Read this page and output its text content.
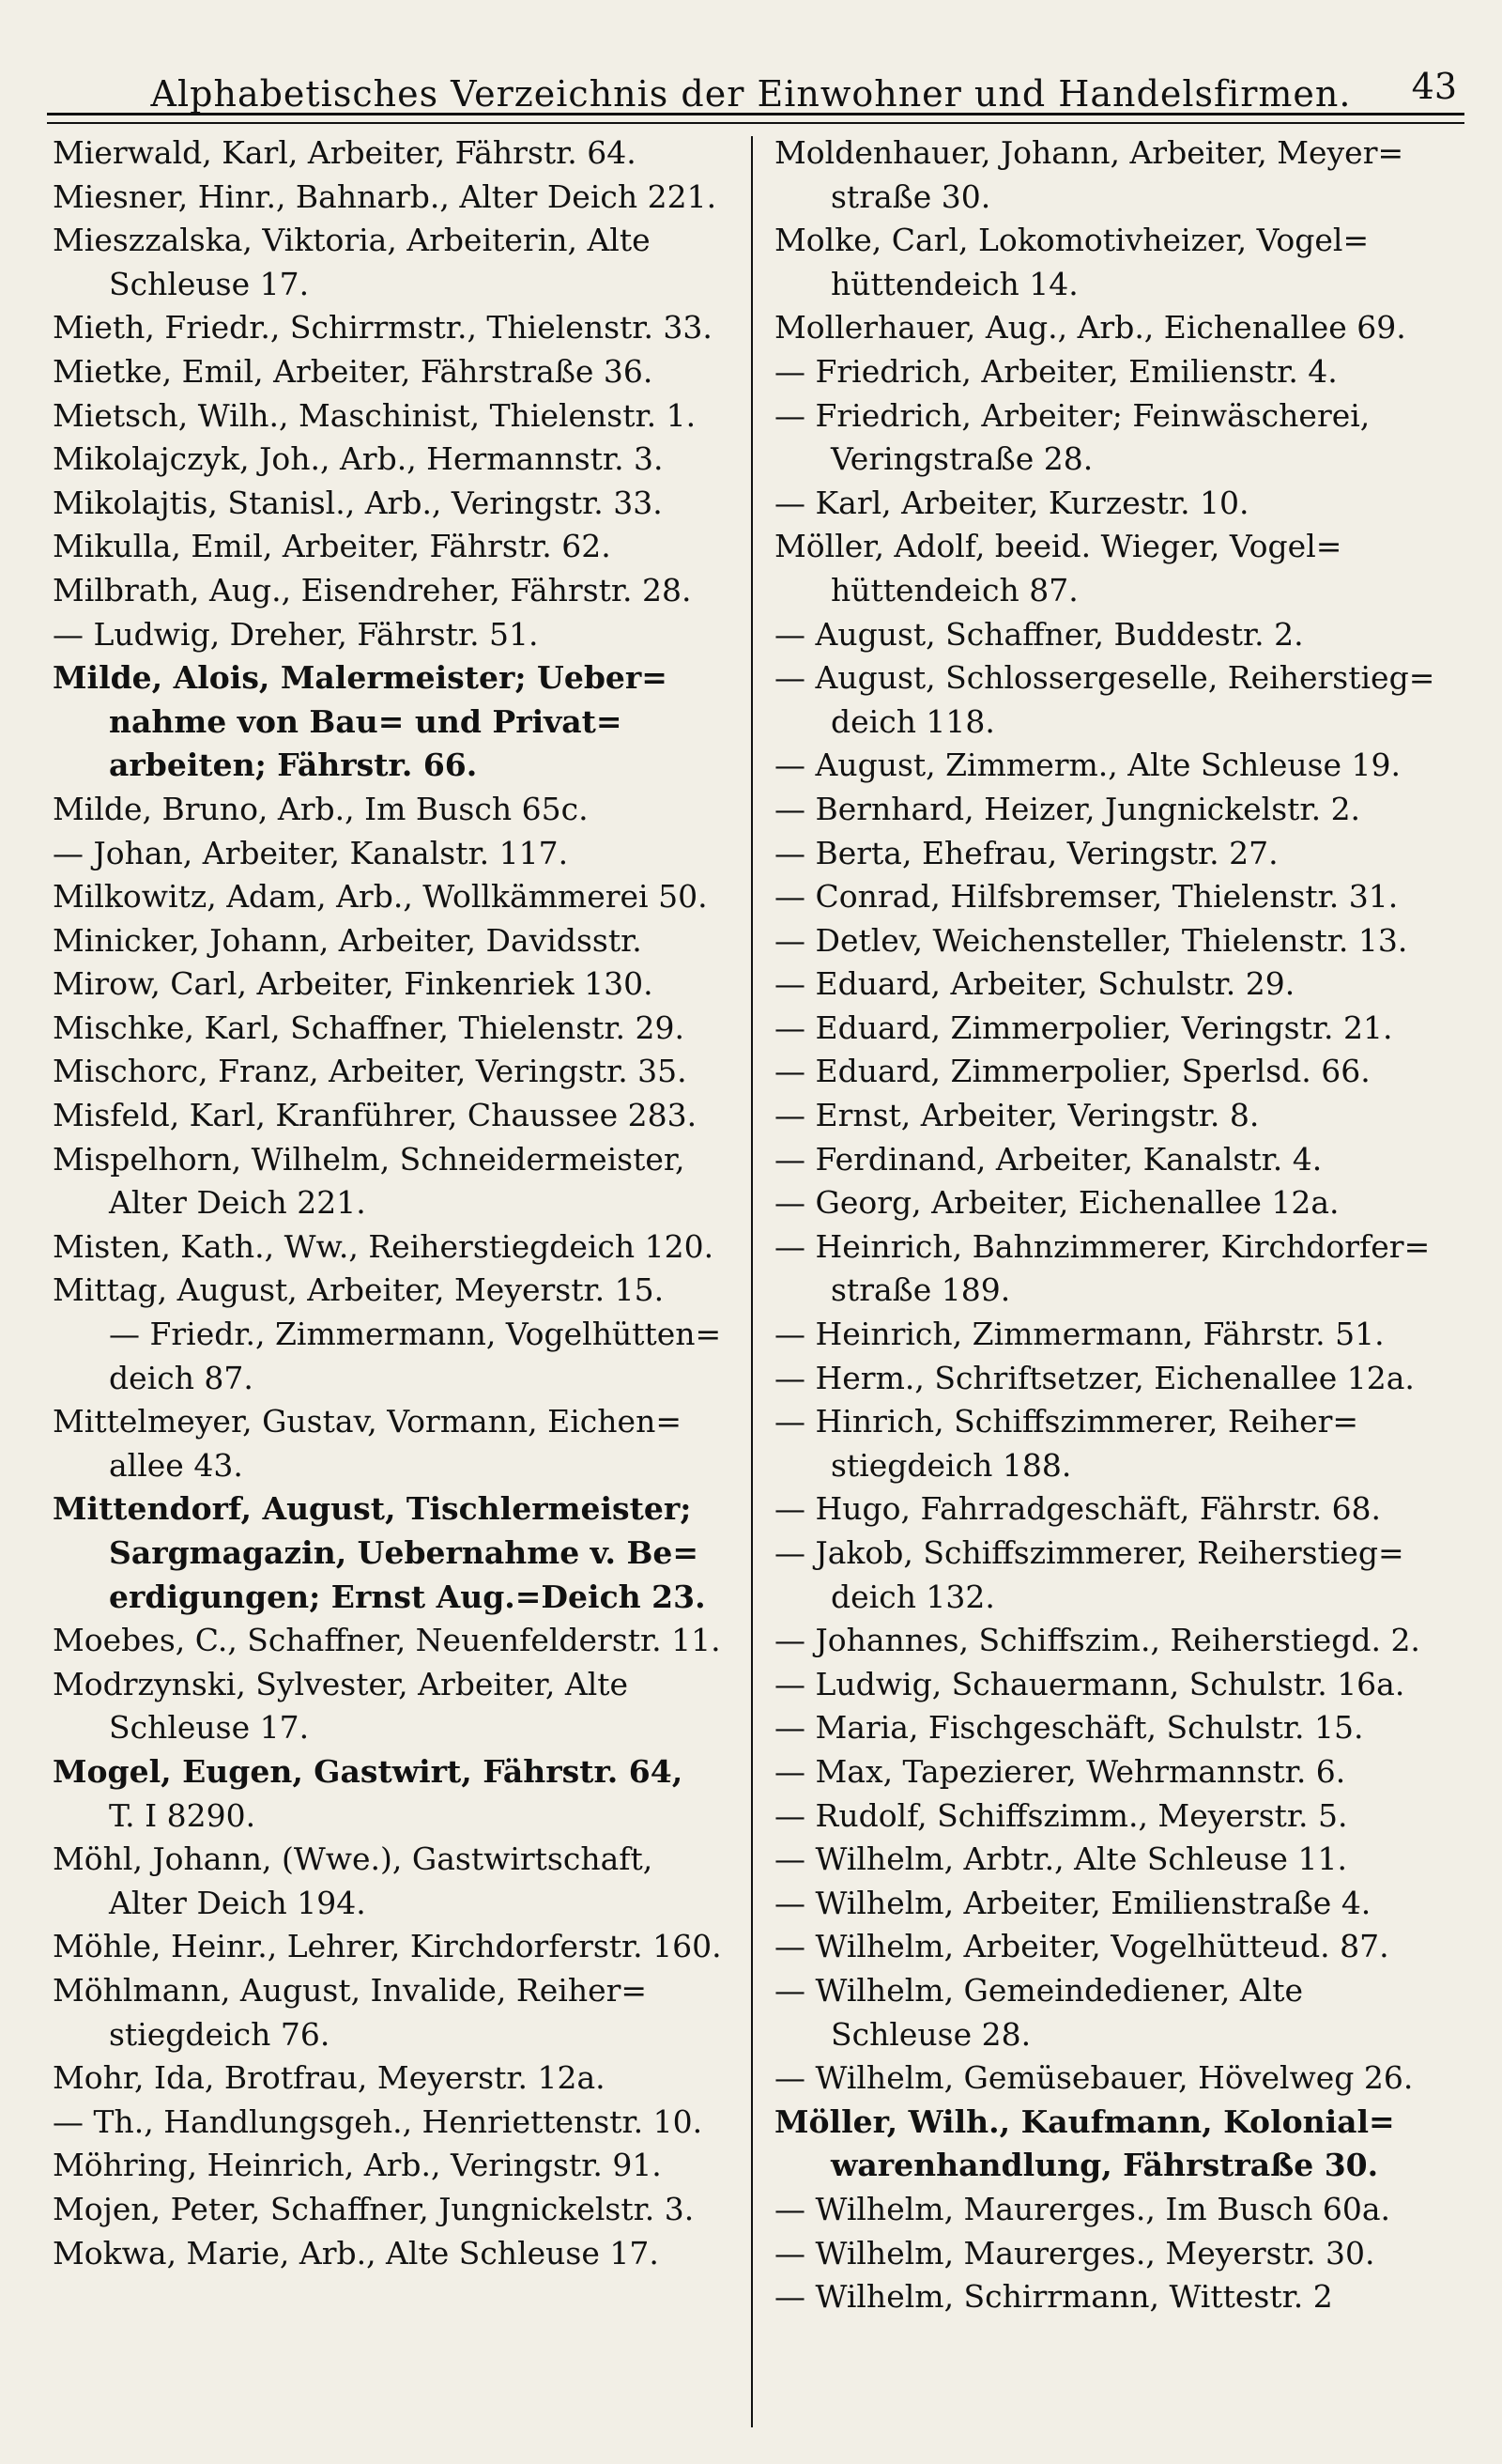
Alphabetisches Verzeichnis der Einwohner und Handelsfirmen.	43
Mierwald, Karl, Arbeiter, Fährstr. 64.
Miesner, Hinr., Bahnarb., Alter Deich 221.
Mieszzalska, Viktoria, Arbeiterin, Alte
Schleuse 17.
Mieth, Friedr., Schirrmstr., Thielenstr. 33.
Mietke, Emil, Arbeiter, Fährstraße 36.
Mietsch, Wilh., Maschinist, Thielenstr. 1.
Mikolajczyk, Joh., Arb., Hermannstr. 3.
Mikolajtis, Stanisl., Arb., Veringstr. 33.
Mikulla, Emil, Arbeiter, Fährstr. 62.
Milbrath, Aug., Eisendreher, Fährstr. 28.
— Ludwig, Dreher, Fährstr. 51.
Milde, Alois, Malermeister; Ueber=
nahme von Bau= und Privat=
arbeiten; Fährstr. 66.
Milde, Bruno, Arb., Im Busch 65c.
— Johan, Arbeiter, Kanalstr. 117.
Milkowitz, Adam, Arb., Wollkämmerei 50.
Minicker, Johann, Arbeiter, Davidsstr.
Mirow, Carl, Arbeiter, Finkenriek 130.
Mischke, Karl, Schaffner, Thielenstr. 29.
Mischorc, Franz, Arbeiter, Veringstr. 35.
Misfeld, Karl, Kranführer, Chaussee 283.
Mispelhorn, Wilhelm, Schneidermeister,
Alter Deich 221.
Misten, Kath., Ww., Reiherstiegdeich 120.
Mittag, August, Arbeiter, Meyerstr. 15.
— Friedr., Zimmermann, Vogelhütten=
deich 87.
Mittelmeyer, Gustav, Vormann, Eichen=
allee 43.
Mittendorf, August, Tischlermeister;
Sargmagazin, Uebernahme v. Be=
erdigungen; Ernst Aug.=Deich 23.
Moebes, C., Schaffner, Neuenfelderstr. 11.
Modrzynski, Sylvester, Arbeiter, Alte
Schleuse 17.
Mogel, Eugen, Gastwirt, Fährstr. 64,
T. I 8290.
Möhl, Johann, (Wwe.), Gastwirtschaft,
Alter Deich 194.
Möhle, Heinr., Lehrer, Kirchdorferstr. 160.
Möhlmann, August, Invalide, Reiher=
stiegdeich 76.
Mohr, Ida, Brotfrau, Meyerstr. 12a.
— Th., Handlungsgeh., Henriettenstr. 10.
Möhring, Heinrich, Arb., Veringstr. 91.
Mojen, Peter, Schaffner, Jungnickelstr. 3.
Mokwa, Marie, Arb., Alte Schleuse 17.
Moldenhauer, Johann, Arbeiter, Meyer=
straße 30.
Molke, Carl, Lokomotivheizer, Vogel=
hüttendeich 14.
Mollerhauer, Aug., Arb., Eichenallee 69.
— Friedrich, Arbeiter, Emilienstr. 4.
— Friedrich, Arbeiter; Feinwäscherei,
Veringstraße 28.
— Karl, Arbeiter, Kurzestr. 10.
Möller, Adolf, beeid. Wieger, Vogel=
hüttendeich 87.
— August, Schaffner, Buddestr. 2.
— August, Schlossergeselle, Reiherstieg=
deich 118.
— August, Zimmerm., Alte Schleuse 19.
— Bernhard, Heizer, Jungnickelstr. 2.
— Berta, Ehefrau, Veringstr. 27.
— Conrad, Hilfsbremser, Thielenstr. 31.
— Detlev, Weichensteller, Thielenstr. 13.
— Eduard, Arbeiter, Schulstr. 29.
— Eduard, Zimmerpolier, Veringstr. 21.
— Eduard, Zimmerpolier, Sperlsd. 66.
— Ernst, Arbeiter, Veringstr. 8.
— Ferdinand, Arbeiter, Kanalstr. 4.
— Georg, Arbeiter, Eichenallee 12a.
— Heinrich, Bahnzimmerer, Kirchdorfer=
straße 189.
— Heinrich, Zimmermann, Fährstr. 51.
— Herm., Schriftsetzer, Eichenallee 12a.
— Hinrich, Schiffszimmerer, Reiher=
stiegdeich 188.
— Hugo, Fahrradgeschäft, Fährstr. 68.
— Jakob, Schiffszimmerer, Reiherstieg=
deich 132.
— Johannes, Schiffszim., Reiherstiegd. 2.
— Ludwig, Schauermann, Schulstr. 16a.
— Maria, Fischgeschäft, Schulstr. 15.
— Max, Tapezierer, Wehrmannstr. 6.
— Rudolf, Schiffszimm., Meyerstr. 5.
— Wilhelm, Arbtr., Alte Schleuse 11.
— Wilhelm, Arbeiter, Emilienstraße 4.
— Wilhelm, Arbeiter, Vogelhütteud. 87.
— Wilhelm, Gemeindediener, Alte
Schleuse 28.
— Wilhelm, Gemüsebauer, Hövelweg 26.
Möller, Wilh., Kaufmann, Kolonial=
warenhandlung, Fährstraße 30.
— Wilhelm, Maurerges., Im Busch 60a.
— Wilhelm, Maurerges., Meyerstr. 30.
— Wilhelm, Schirrmann, Wittestr. 2
